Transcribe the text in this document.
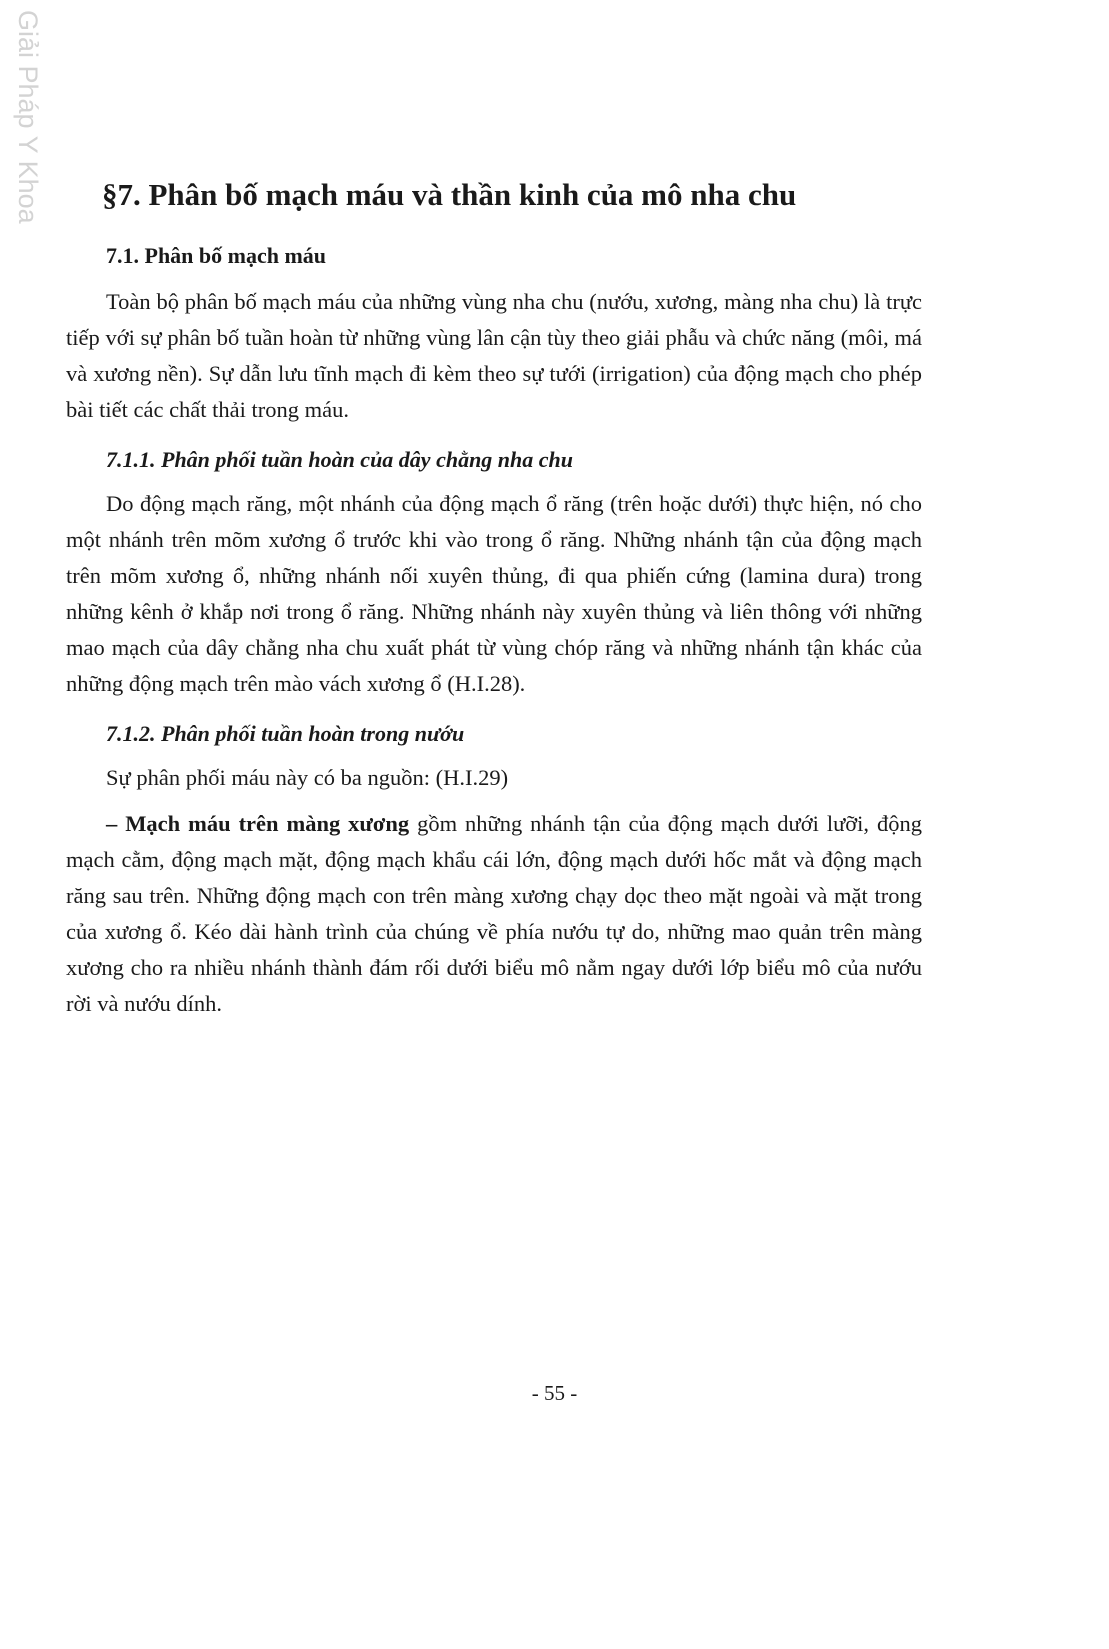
Giải Pháp Y Khoa §7. Phân bố mạch máu và thần kinh của mô nha chu
7.1. Phân bố mạch máu

Toàn bộ phân bố mạch máu của những vùng nha chu (nướu, xương, màng nha chu) là trực tiếp với sự phân bố tuần hoàn từ những vùng lân cận tùy theo giải phẫu và chức năng (môi, má và xương nền). Sự dẫn lưu tĩnh mạch đi kèm theo sự tưới (irrigation) của động mạch cho phép bài tiết các chất thải trong máu.

7.1.1. Phân phối tuần hoàn của dây chằng nha chu

Do động mạch răng, một nhánh của động mạch ổ răng (trên hoặc dưới) thực hiện, nó cho một nhánh trên mõm xương ổ trước khi vào trong ổ răng. Những nhánh tận của động mạch trên mõm xương ổ, những nhánh nối xuyên thủng, đi qua phiến cứng (lamina dura) trong những kênh ở khắp nơi trong ổ răng. Những nhánh này xuyên thủng và liên thông với những mao mạch của dây chằng nha chu xuất phát từ vùng chóp răng và những nhánh tận khác của những động mạch trên mào vách xương ổ (H.I.28).

7.1.2. Phân phối tuần hoàn trong nướu

Sự phân phối máu này có ba nguồn: (H.I.29)

– Mạch máu trên màng xương gồm những nhánh tận của động mạch dưới lưỡi, động mạch cằm, động mạch mặt, động mạch khẩu cái lớn, động mạch dưới hốc mắt và động mạch răng sau trên. Những động mạch con trên màng xương chạy dọc theo mặt ngoài và mặt trong của xương ổ. Kéo dài hành trình của chúng về phía nướu tự do, những mao quản trên màng xương cho ra nhiều nhánh thành đám rối dưới biểu mô nằm ngay dưới lớp biểu mô của nướu rời và nướu dính.

- 55 -
